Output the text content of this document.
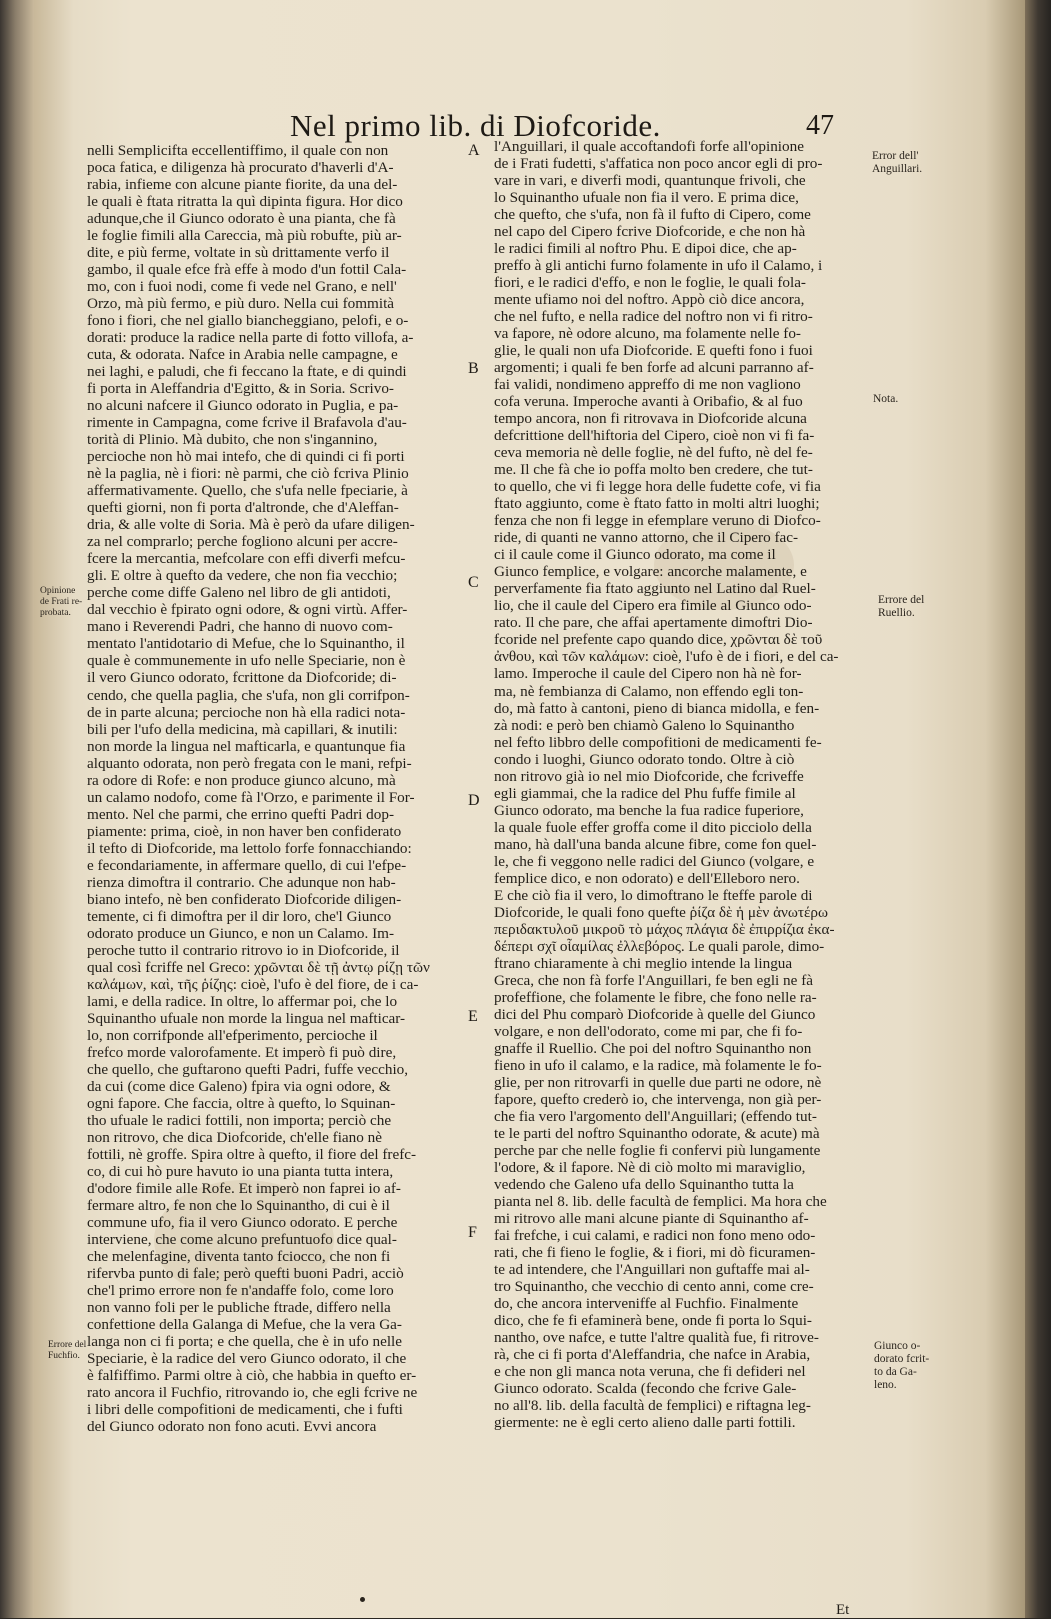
Nel primo lib. di Diofcoride.	47
nelli Semplicifta eccellentiffimo, il quale con non
poca fatica, e diligenza hà procurato d'haverli d'A-
rabia, infieme con alcune piante fiorite, da una del-
le quali è ftata ritratta la quì dipinta figura. Hor dico
adunque,che il Giunco odorato è una pianta, che fà
le foglie fimili alla Careccia, mà più robufte, più ar-
dite, e più ferme, voltate in sù drittamente verfo il
gambo, il quale efce frà effe à modo d'un fottil Cala-
mo, con i fuoi nodi, come fi vede nel Grano, e nell'
Orzo, mà più fermo, e più duro. Nella cui fommità
fono i fiori, che nel giallo biancheggiano, pelofi, e o-
dorati: produce la radice nella parte di fotto villofa, a-
cuta, & odorata. Nafce in Arabia nelle campagne, e
nei laghi, e paludi, che fi feccano la ftate, e di quindi
fi porta in Aleffandria d'Egitto, & in Soria. Scrivo-
no alcuni nafcere il Giunco odorato in Puglia, e pa-
rimente in Campagna, come fcrive il Brafavola d'au-
torità di Plinio. Mà dubito, che non s'ingannino,
percioche non hò mai intefo, che di quindi ci fi porti
nè la paglia, nè i fiori: nè parmi, che ciò fcriva Plinio
affermativamente. Quello, che s'ufa nelle fpeciarie, à
quefti giorni, non fi porta d'altronde, che d'Aleffan-
dria, & alle volte di Soria. Mà è però da ufare diligen-
za nel comprarlo; perche fogliono alcuni per accre-
fcere la mercantia, mefcolare con effi diverfi mefcu-
gli. E oltre à quefto da vedere, che non fia vecchio;
perche come diffe Galeno nel libro de gli antidoti,
dal vecchio è fpirato ogni odore, & ogni virtù. Affer-
mano i Reverendi Padri, che hanno di nuovo com-
mentato l'antidotario di Mefue, che lo Squinantho, il
quale è communemente in ufo nelle Speciarie, non è
il vero Giunco odorato, fcrittone da Diofcoride; di-
cendo, che quella paglia, che s'ufa, non gli corrifpon-
de in parte alcuna; percioche non hà ella radici nota-
bili per l'ufo della medicina, mà capillari, & inutili:
non morde la lingua nel mafticarla, e quantunque fia
alquanto odorata, non però fregata con le mani, refpi-
ra odore di Rofe: e non produce giunco alcuno, mà
un calamo nodofo, come fà l'Orzo, e parimente il For-
mento. Nel che parmi, che errino quefti Padri dop-
piamente: prima, cioè, in non haver ben confiderato
il tefto di Diofcoride, ma lettolo forfe fonnacchiando:
e fecondariamente, in affermare quello, di cui l'efpe-
rienza dimoftra il contrario. Che adunque non hab-
biano intefo, nè ben confiderato Diofcoride diligen-
temente, ci fi dimoftra per il dir loro, che'l Giunco
odorato produce un Giunco, e non un Calamo. Im-
peroche tutto il contrario ritrovo io in Diofcoride, il
qual così fcriffe nel Greco: χρῶνται δὲ τῇ ἀντῳ ρίζῃ τῶν
καλάμων, καὶ, τῆς ῥίζης: cioè, l'ufo è del fiore, de i ca-
lami, e della radice. In oltre, lo affermar poi, che lo
Squinantho ufuale non morde la lingua nel mafticar-
lo, non corrifponde all'efperimento, percioche il
frefco morde valorofamente. Et imperò fi può dire,
che quello, che guftarono quefti Padri, fuffe vecchio,
da cui (come dice Galeno) fpira via ogni odore, &
ogni fapore. Che faccia, oltre à quefto, lo Squinan-
tho ufuale le radici fottili, non importa; perciò che
non ritrovo, che dica Diofcoride, ch'elle fiano nè
fottili, nè groffe. Spira oltre à quefto, il fiore del frefc-
co, di cui hò pure havuto io una pianta tutta intera,
d'odore fimile alle Rofe. Et imperò non faprei io af-
fermare altro, fe non che lo Squinantho, di cui è il
commune ufo, fia il vero Giunco odorato. E perche
interviene, che come alcuno prefuntuofo dice qual-
che melenfagine, diventa tanto fciocco, che non fi
rifervba punto di fale; però quefti buoni Padri, acciò
che'l primo errore non fe n'andaffe folo, come loro
non vanno foli per le publiche ftrade, differo nella
confettione della Galanga di Mefue, che la vera Ga-
langa non ci fi porta; e che quella, che è in ufo nelle
Speciarie, è la radice del vero Giunco odorato, il che
è falfiffimo. Parmi oltre à ciò, che habbia in quefto er-
rato ancora il Fuchfio, ritrovando io, che egli fcrive ne
i libri delle compofitioni de medicamenti, che i fufti
del Giunco odorato non fono acuti. Evvi ancora
l'Anguillari, il quale accoftandofi forfe all'opinione
de i Frati fudetti, s'affatica non poco ancor egli di pro-
vare in vari, e diverfi modi, quantunque frivoli, che
lo Squinantho ufuale non fia il vero. E prima dice,
che quefto, che s'ufa, non fà il fufto di Cipero, come
nel capo del Cipero fcrive Diofcoride, e che non hà
le radici fimili al noftro Phu. E dipoi dice, che ap-
preffo à gli antichi furno folamente in ufo il Calamo, i
fiori, e le radici d'effo, e non le foglie, le quali fola-
mente ufiamo noi del noftro. Appò ciò dice ancora,
che nel fufto, e nella radice del noftro non vi fi ritro-
va fapore, nè odore alcuno, ma folamente nelle fo-
glie, le quali non ufa Diofcoride. E quefti fono i fuoi
argomenti; i quali fe ben forfe ad alcuni parranno af-
fai validi, nondimeno appreffo di me non vagliono
cofa veruna. Imperoche avanti à Oribafio, & al fuo
tempo ancora, non fi ritrovava in Diofcoride alcuna
defcrittione dell'hiftoria del Cipero, cioè non vi fi fa-
ceva memoria nè delle foglie, nè del fufto, nè del fe-
me. Il che fà che io poffa molto ben credere, che tut-
to quello, che vi fi legge hora delle fudette cofe, vi fia
ftato aggiunto, come è ftato fatto in molti altri luoghi;
fenza che non fi legge in efemplare veruno di Diofco-
ride, di quanti ne vanno attorno, che il Cipero fac-
ci il caule come il Giunco odorato, ma come il
Giunco femplice, e volgare: ancorche malamente, e
perverfamente fia ftato aggiunto nel Latino dal Ruel-
lio, che il caule del Cipero era fimile al Giunco odo-
rato. Il che pare, che affai apertamente dimoftri Dio-
fcoride nel prefente capo quando dice, χρῶνται δὲ τοῦ
ἀνθου, καὶ τῶν καλάμων: cioè, l'ufo è de i fiori, e del ca-
lamo. Imperoche il caule del Cipero non hà nè for-
ma, nè fembianza di Calamo, non effendo egli ton-
do, mà fatto à cantoni, pieno di bianca midolla, e fen-
zà nodi: e però ben chiamò Galeno lo Squinantho
nel fefto libbro delle compofitioni de medicamenti fe-
condo i luoghi, Giunco odorato tondo. Oltre à ciò
non ritrovo già io nel mio Diofcoride, che fcriveffe
egli giammai, che la radice del Phu fuffe fimile al
Giunco odorato, ma benche la fua radice fuperiore,
la quale fuole effer groffa come il dito picciolo della
mano, hà dall'una banda alcune fibre, come fon quel-
le, che fi veggono nelle radici del Giunco (volgare, e
femplice dico, e non odorato) e dell'Elleboro nero.
E che ciò fia il vero, lo dimoftrano le fteffe parole di
Diofcoride, le quali fono quefte ῥίζα δὲ ἡ μὲν ἀνωτέρω
περιδακτυλοῦ μικροῦ τὸ μάχος πλάγια δὲ ἐπιρρίζια ἐκα-
δέπερι σχῖ οἷαμίλας ἐλλεβόρος. Le quali parole, dimo-
ftrano chiaramente à chi meglio intende la lingua
Greca, che non fà forfe l'Anguillari, fe ben egli ne fà
profeffione, che folamente le fibre, che fono nelle ra-
dici del Phu comparò Diofcoride à quelle del Giunco
volgare, e non dell'odorato, come mi par, che fi fo-
gnaffe il Ruellio. Che poi del noftro Squinantho non
fieno in ufo il calamo, e la radice, mà folamente le fo-
glie, per non ritrovarfi in quelle due parti ne odore, nè
fapore, quefto crederò io, che intervenga, non già per-
che fia vero l'argomento dell'Anguillari; (effendo tut-
te le parti del noftro Squinantho odorate, & acute) mà
perche par che nelle foglie fi confervi più lungamente
l'odore, & il fapore. Nè di ciò molto mi maraviglio,
vedendo che Galeno ufa dello Squinantho tutta la
pianta nel 8. lib. delle facultà de femplici. Ma hora che
mi ritrovo alle mani alcune piante di Squinantho af-
fai frefche, i cui calami, e radici non fono meno odo-
rati, che fi fieno le foglie, & i fiori, mi dò ficuramen-
te ad intendere, che l'Anguillari non guftaffe mai al-
tro Squinantho, che vecchio di cento anni, come cre-
do, che ancora interveniffe al Fuchfio. Finalmente
dico, che fe fi efaminerà bene, onde fi porta lo Squi-
nantho, ove nafce, e tutte l'altre qualità fue, fi ritrove-
rà, che ci fi porta d'Aleffandria, che nafce in Arabia,
e che non gli manca nota veruna, che fi defideri nel
Giunco odorato. Scalda (fecondo che fcrive Gale-
no all'8. lib. della facultà de femplici) e riftagna leg-
giermente: ne è egli certo alieno dalle parti fottili.
A
B
C
D
E
F
Error dell'
Anguillari.
Nota.
Errore del
Ruellio.
Giunco o-
dorato fcrit-
to da Ga-
leno.
Opinione
de Frati re-
probata.
Errore del
Fuchfio.
Et
